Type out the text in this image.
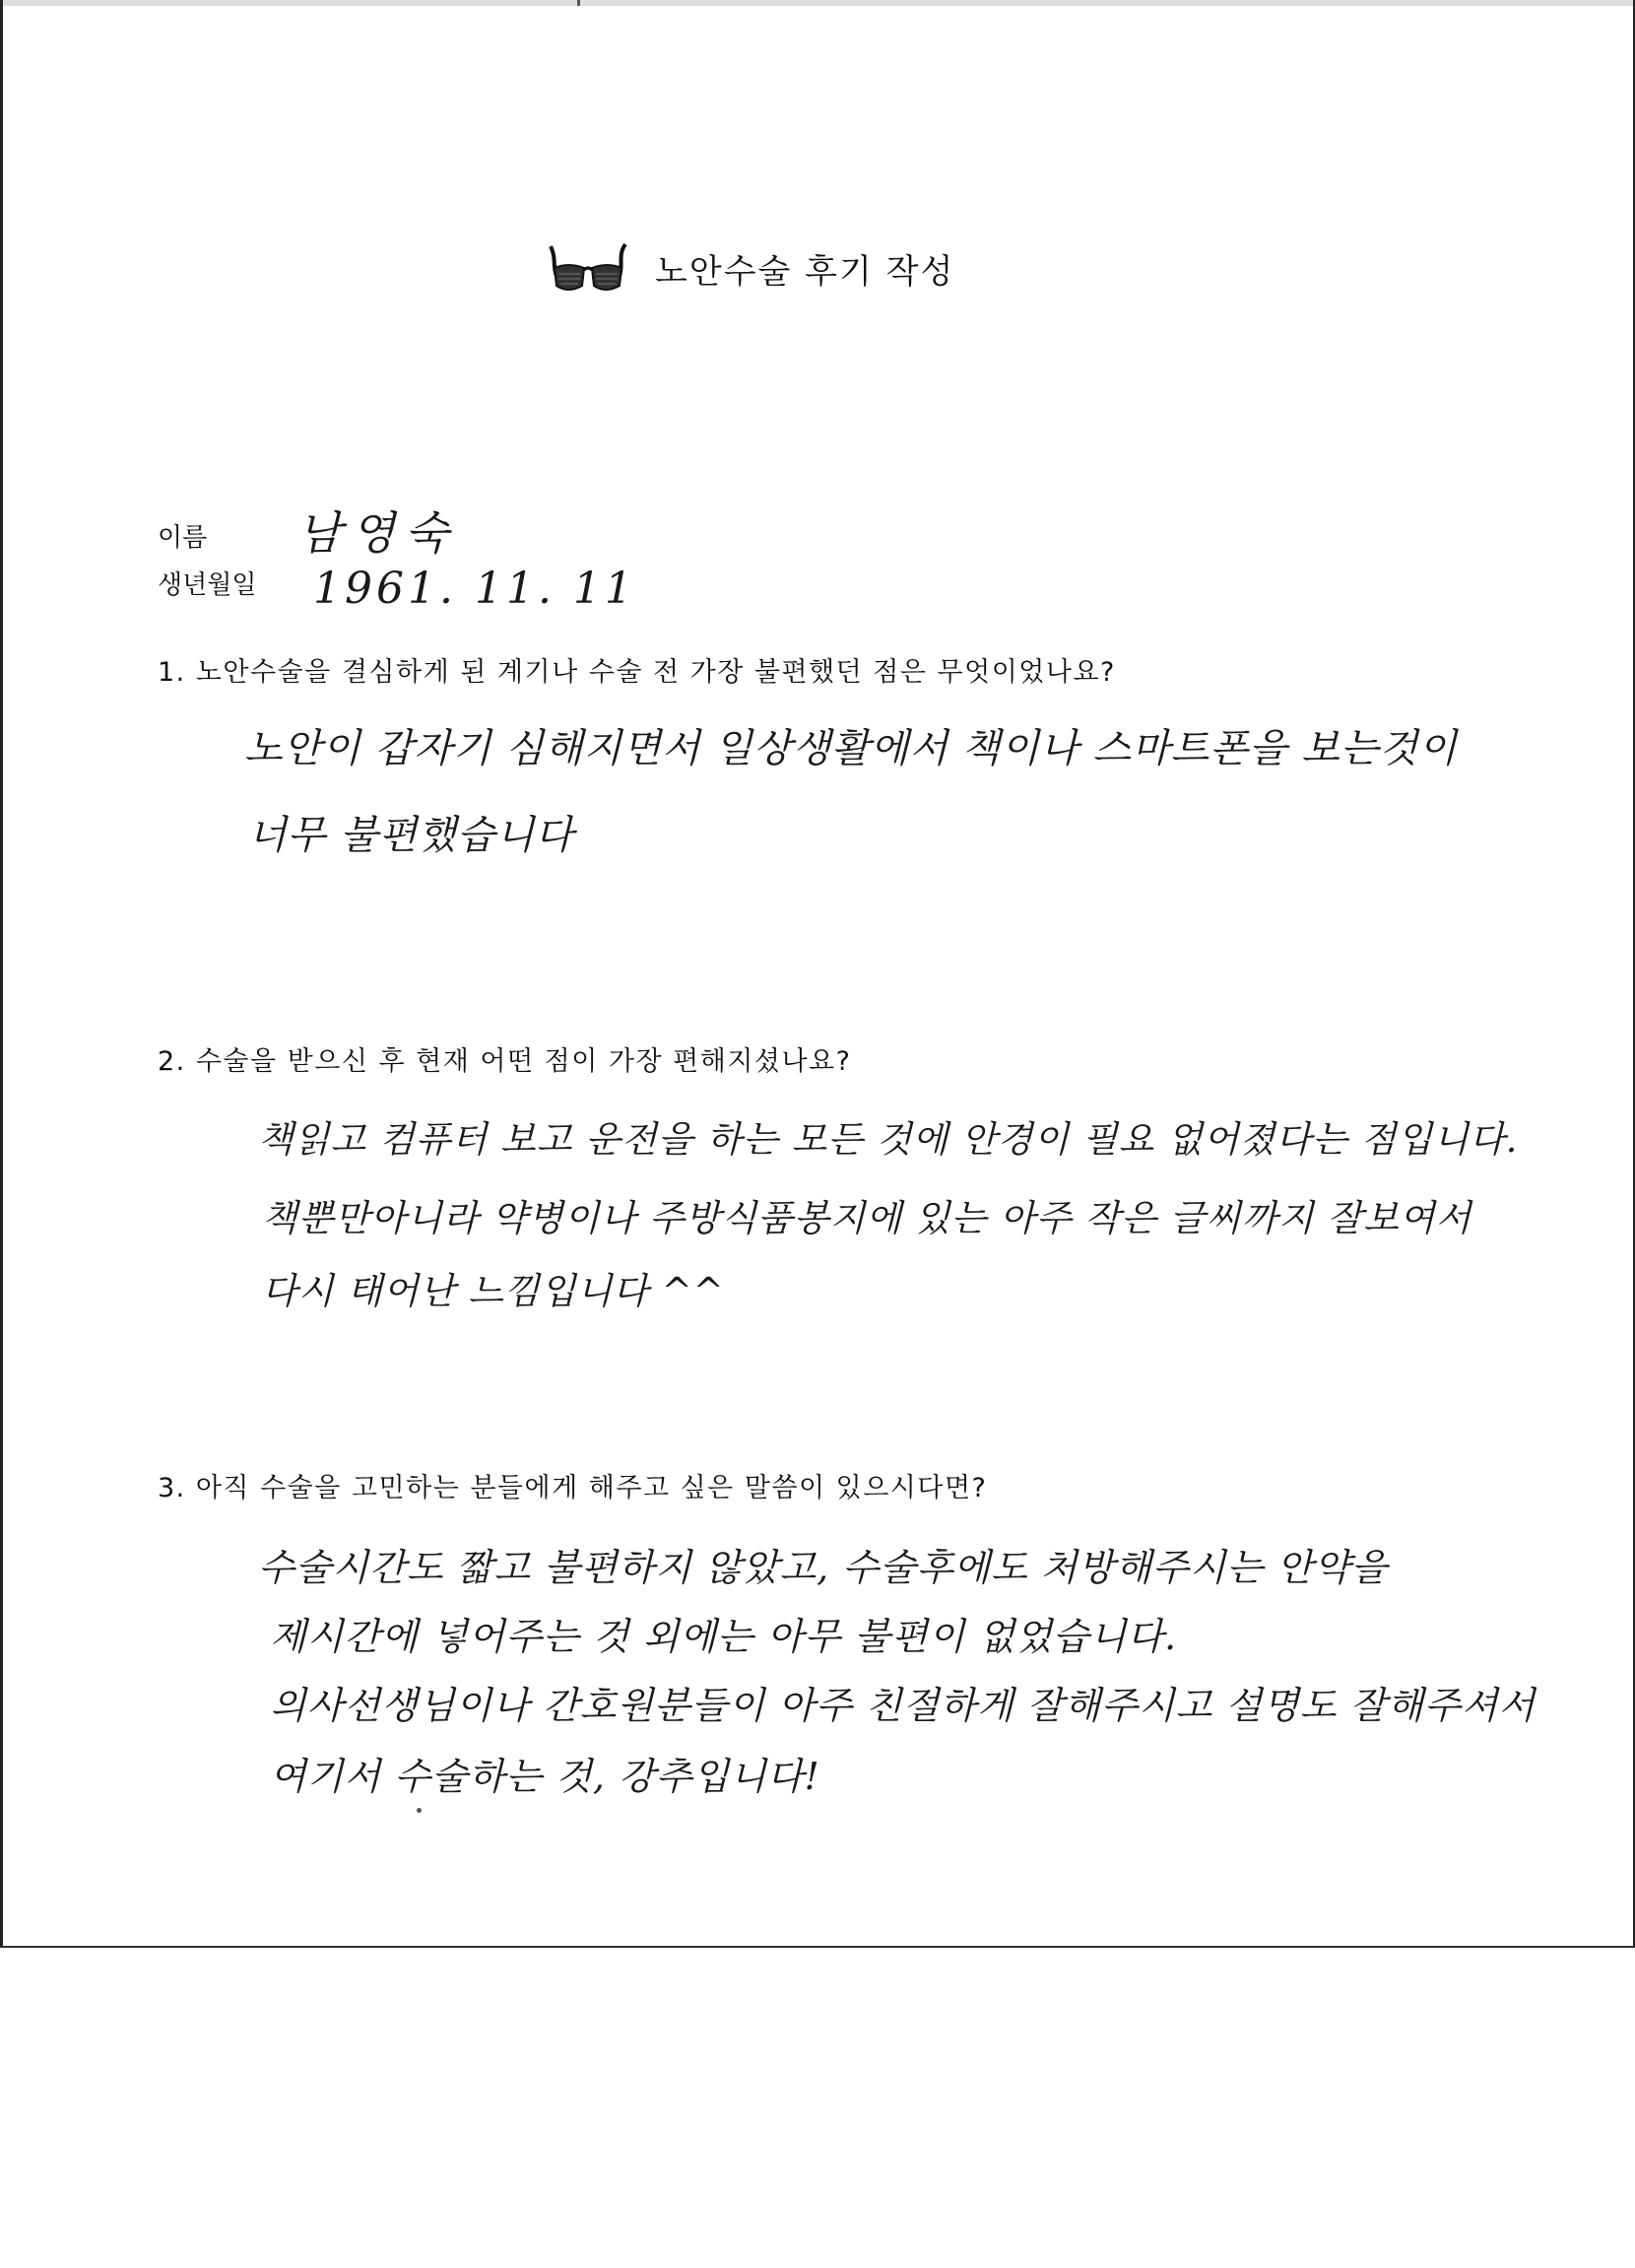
노안수술 후기 작성
이름 남영숙
생년월일 1961. 11. 11
1. 노안수술을 결심하게 된 계기나 수술 전 가장 불편했던 점은 무엇이었나요?
노안이 갑자기 심해지면서 일상생활에서 책이나 스마트폰을 보는것이
너무 불편했습니다
2. 수술을 받으신 후 현재 어떤 점이 가장 편해지셨나요?
책읽고 컴퓨터 보고 운전을 하는 모든 것에 안경이 필요 없어졌다는 점입니다.
책뿐만아니라 약병이나 주방식품봉지에 있는 아주 작은 글씨까지 잘보여서
다시 태어난 느낌입니다 ^^
3. 아직 수술을 고민하는 분들에게 해주고 싶은 말씀이 있으시다면?
수술시간도 짧고 불편하지 않았고, 수술후에도 처방해주시는 안약을
제시간에 넣어주는 것 외에는 아무 불편이 없었습니다.
의사선생님이나 간호원분들이 아주 친절하게 잘해주시고 설명도 잘해주셔서
여기서 수술하는 것, 강추입니다!
